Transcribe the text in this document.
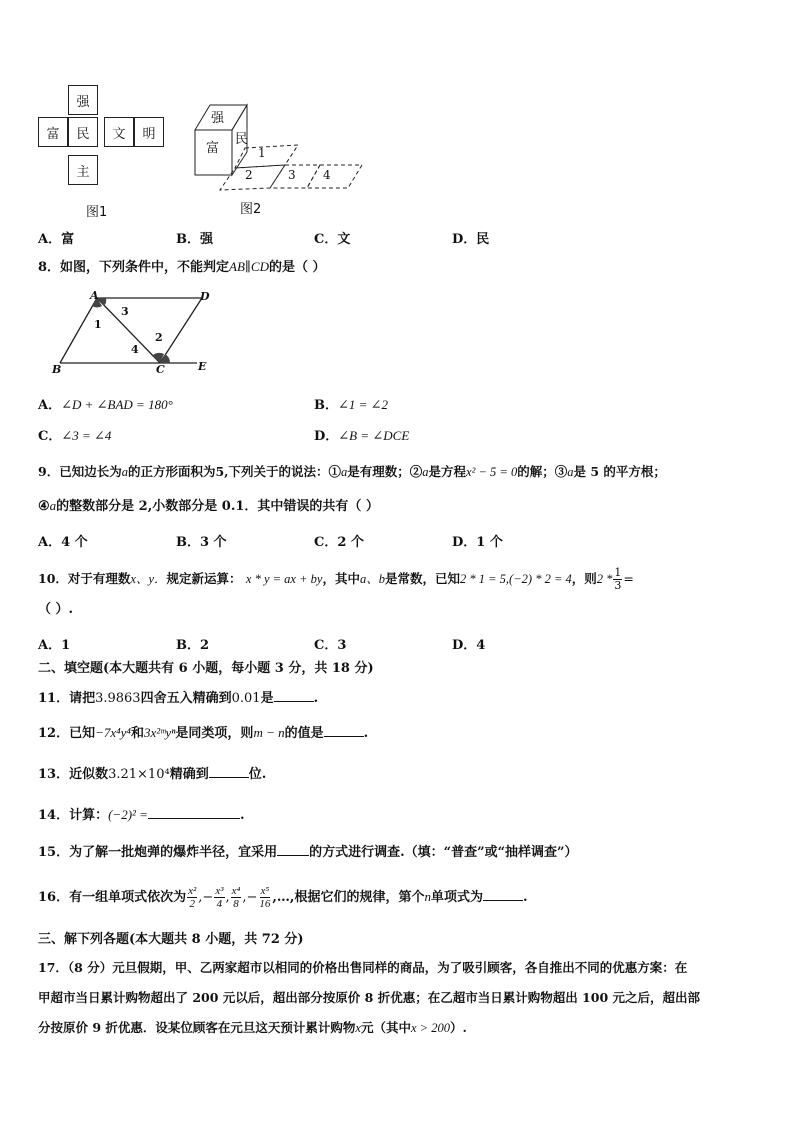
强
富	民	文	明
主
图1
强
富
民
1
2	3 4
图2
A．富	B．强	C．文	D．民
8．如图，下列条件中，不能判定AB∥CD的是（ ）
A	D
B	C	E
1
2
3
4
A．∠D + ∠BAD = 180°	B．∠1 = ∠2
C．∠3 = ∠4	D．∠B = ∠DCE
9．已知边长为a的正方形面积为5,下列关于的说法：①a是有理数；②a是方程x² − 5 = 0的解；③a是 5 的平方根；
④a的整数部分是 2,小数部分是 0.1．其中错误的共有（ ）
A．4 个	B．3 个	C．2 个	D．1 个
10．对于有理数x、y．规定新运算： x * y = ax + by，其中a、b是常数，已知2 * 1 = 5,(−2) * 2 = 4，则$2 * \frac{1}{3}$ =
（ ）.
A．1	B．2	C．3	D．4
二、填空题(本大题共有 6 小题，每小题 3 分，共 18 分)
11．请把3.9863四舍五入精确到0.01是	.
12．已知−7x⁴y⁴和3x²ᵐyⁿ是同类项，则m − n的值是	.
13．近似数3.21×10⁴精确到	位.
14．计算：(−2)² =	.
15．为了解一批炮弹的爆炸半径，宜采用 的方式进行调查.（填：“普查”或“抽样调查”）
16．有一组单项式依次为 $\frac{\text{x²}}{2}$ ,− $\frac{\text{x³}}{4}$ , $\frac{\text{x⁴}}{8}$ ,− $\frac{\text{x⁵}}{16}$ ,…,根据它们的规律，第个n单项式为	.
三、解下列各题(本大题共 8 小题，共 72 分)
17．（8 分）元旦假期，甲、乙两家超市以相同的价格出售同样的商品，为了吸引顾客，各自推出不同的优惠方案：在
甲超市当日累计购物超出了 200 元以后，超出部分按原价 8 折优惠；在乙超市当日累计购物超出 100 元之后，超出部
分按原价 9 折优惠．设某位顾客在元旦这天预计累计购物x元（其中x > 200）.
